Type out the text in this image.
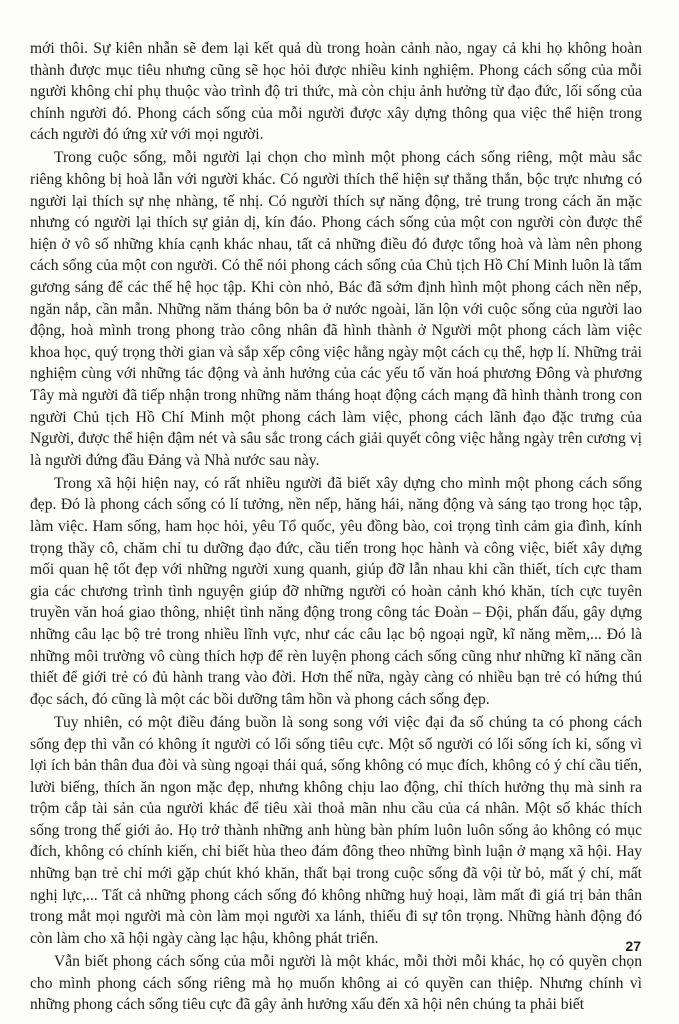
mới thôi. Sự kiên nhẫn sẽ đem lại kết quả dù trong hoàn cảnh nào, ngay cả khi họ không hoàn thành được mục tiêu nhưng cũng sẽ học hỏi được nhiều kinh nghiệm. Phong cách sống của mỗi người không chỉ phụ thuộc vào trình độ tri thức, mà còn chịu ảnh hưởng từ đạo đức, lối sống của chính người đó. Phong cách sống của mỗi người được xây dựng thông qua việc thể hiện trong cách người đó ứng xử với mọi người.

Trong cuộc sống, mỗi người lại chọn cho mình một phong cách sống riêng, một màu sắc riêng không bị hoà lẫn với người khác. Có người thích thể hiện sự thẳng thắn, bộc trực nhưng có người lại thích sự nhẹ nhàng, tế nhị. Có người thích sự năng động, trẻ trung trong cách ăn mặc nhưng có người lại thích sự giản dị, kín đáo. Phong cách sống của một con người còn được thể hiện ở vô số những khía cạnh khác nhau, tất cả những điều đó được tổng hoà và làm nên phong cách sống của một con người. Có thể nói phong cách sống của Chủ tịch Hồ Chí Minh luôn là tấm gương sáng để các thế hệ học tập. Khi còn nhỏ, Bác đã sớm định hình một phong cách nền nếp, ngăn nắp, cần mẫn. Những năm tháng bôn ba ở nước ngoài, lăn lộn với cuộc sống của người lao động, hoà mình trong phong trào công nhân đã hình thành ở Người một phong cách làm việc khoa học, quý trọng thời gian và sắp xếp công việc hằng ngày một cách cụ thể, hợp lí. Những trải nghiệm cùng với những tác động và ảnh hưởng của các yếu tố văn hoá phương Đông và phương Tây mà người đã tiếp nhận trong những năm tháng hoạt động cách mạng đã hình thành trong con người Chủ tịch Hồ Chí Minh một phong cách làm việc, phong cách lãnh đạo đặc trưng của Người, được thể hiện đậm nét và sâu sắc trong cách giải quyết công việc hằng ngày trên cương vị là người đứng đầu Đảng và Nhà nước sau này.

Trong xã hội hiện nay, có rất nhiều người đã biết xây dựng cho mình một phong cách sống đẹp. Đó là phong cách sống có lí tưởng, nền nếp, hăng hái, năng động và sáng tạo trong học tập, làm việc. Ham sống, ham học hỏi, yêu Tổ quốc, yêu đồng bào, coi trọng tình cảm gia đình, kính trọng thầy cô, chăm chỉ tu dưỡng đạo đức, cầu tiến trong học hành và công việc, biết xây dựng mối quan hệ tốt đẹp với những người xung quanh, giúp đỡ lẫn nhau khi cần thiết, tích cực tham gia các chương trình tình nguyện giúp đỡ những người có hoàn cảnh khó khăn, tích cực tuyên truyền văn hoá giao thông, nhiệt tình năng động trong công tác Đoàn – Đội, phấn đấu, gây dựng những câu lạc bộ trẻ trong nhiều lĩnh vực, như các câu lạc bộ ngoại ngữ, kĩ năng mềm,... Đó là những môi trường vô cùng thích hợp để rèn luyện phong cách sống cũng như những kĩ năng cần thiết để giới trẻ có đủ hành trang vào đời. Hơn thế nữa, ngày càng có nhiều bạn trẻ có hứng thú đọc sách, đó cũng là một các bồi dưỡng tâm hồn và phong cách sống đẹp.

Tuy nhiên, có một điều đáng buồn là song song với việc đại đa số chúng ta có phong cách sống đẹp thì vẫn có không ít người có lối sống tiêu cực. Một số người có lối sống ích kỉ, sống vì lợi ích bản thân đua đòi và sùng ngoại thái quá, sống không có mục đích, không có ý chí cầu tiến, lười biếng, thích ăn ngon mặc đẹp, nhưng không chịu lao động, chỉ thích hưởng thụ mà sinh ra trộm cắp tài sản của người khác để tiêu xài thoả mãn nhu cầu của cá nhân. Một số khác thích sống trong thế giới ảo. Họ trở thành những anh hùng bàn phím luôn luôn sống ảo không có mục đích, không có chính kiến, chỉ biết hùa theo đám đông theo những bình luận ở mạng xã hội. Hay những bạn trẻ chỉ mới gặp chút khó khăn, thất bại trong cuộc sống đã vội từ bỏ, mất ý chí, mất nghị lực,... Tất cả những phong cách sống đó không những huỷ hoại, làm mất đi giá trị bản thân trong mắt mọi người mà còn làm mọi người xa lánh, thiếu đi sự tôn trọng. Những hành động đó còn làm cho xã hội ngày càng lạc hậu, không phát triển.

Vẫn biết phong cách sống của mỗi người là một khác, mỗi thời mỗi khác, họ có quyền chọn cho mình phong cách sống riêng mà họ muốn không ai có quyền can thiệp. Nhưng chính vì những phong cách sống tiêu cực đã gây ảnh hưởng xấu đến xã hội nên chúng ta phải biết

27
